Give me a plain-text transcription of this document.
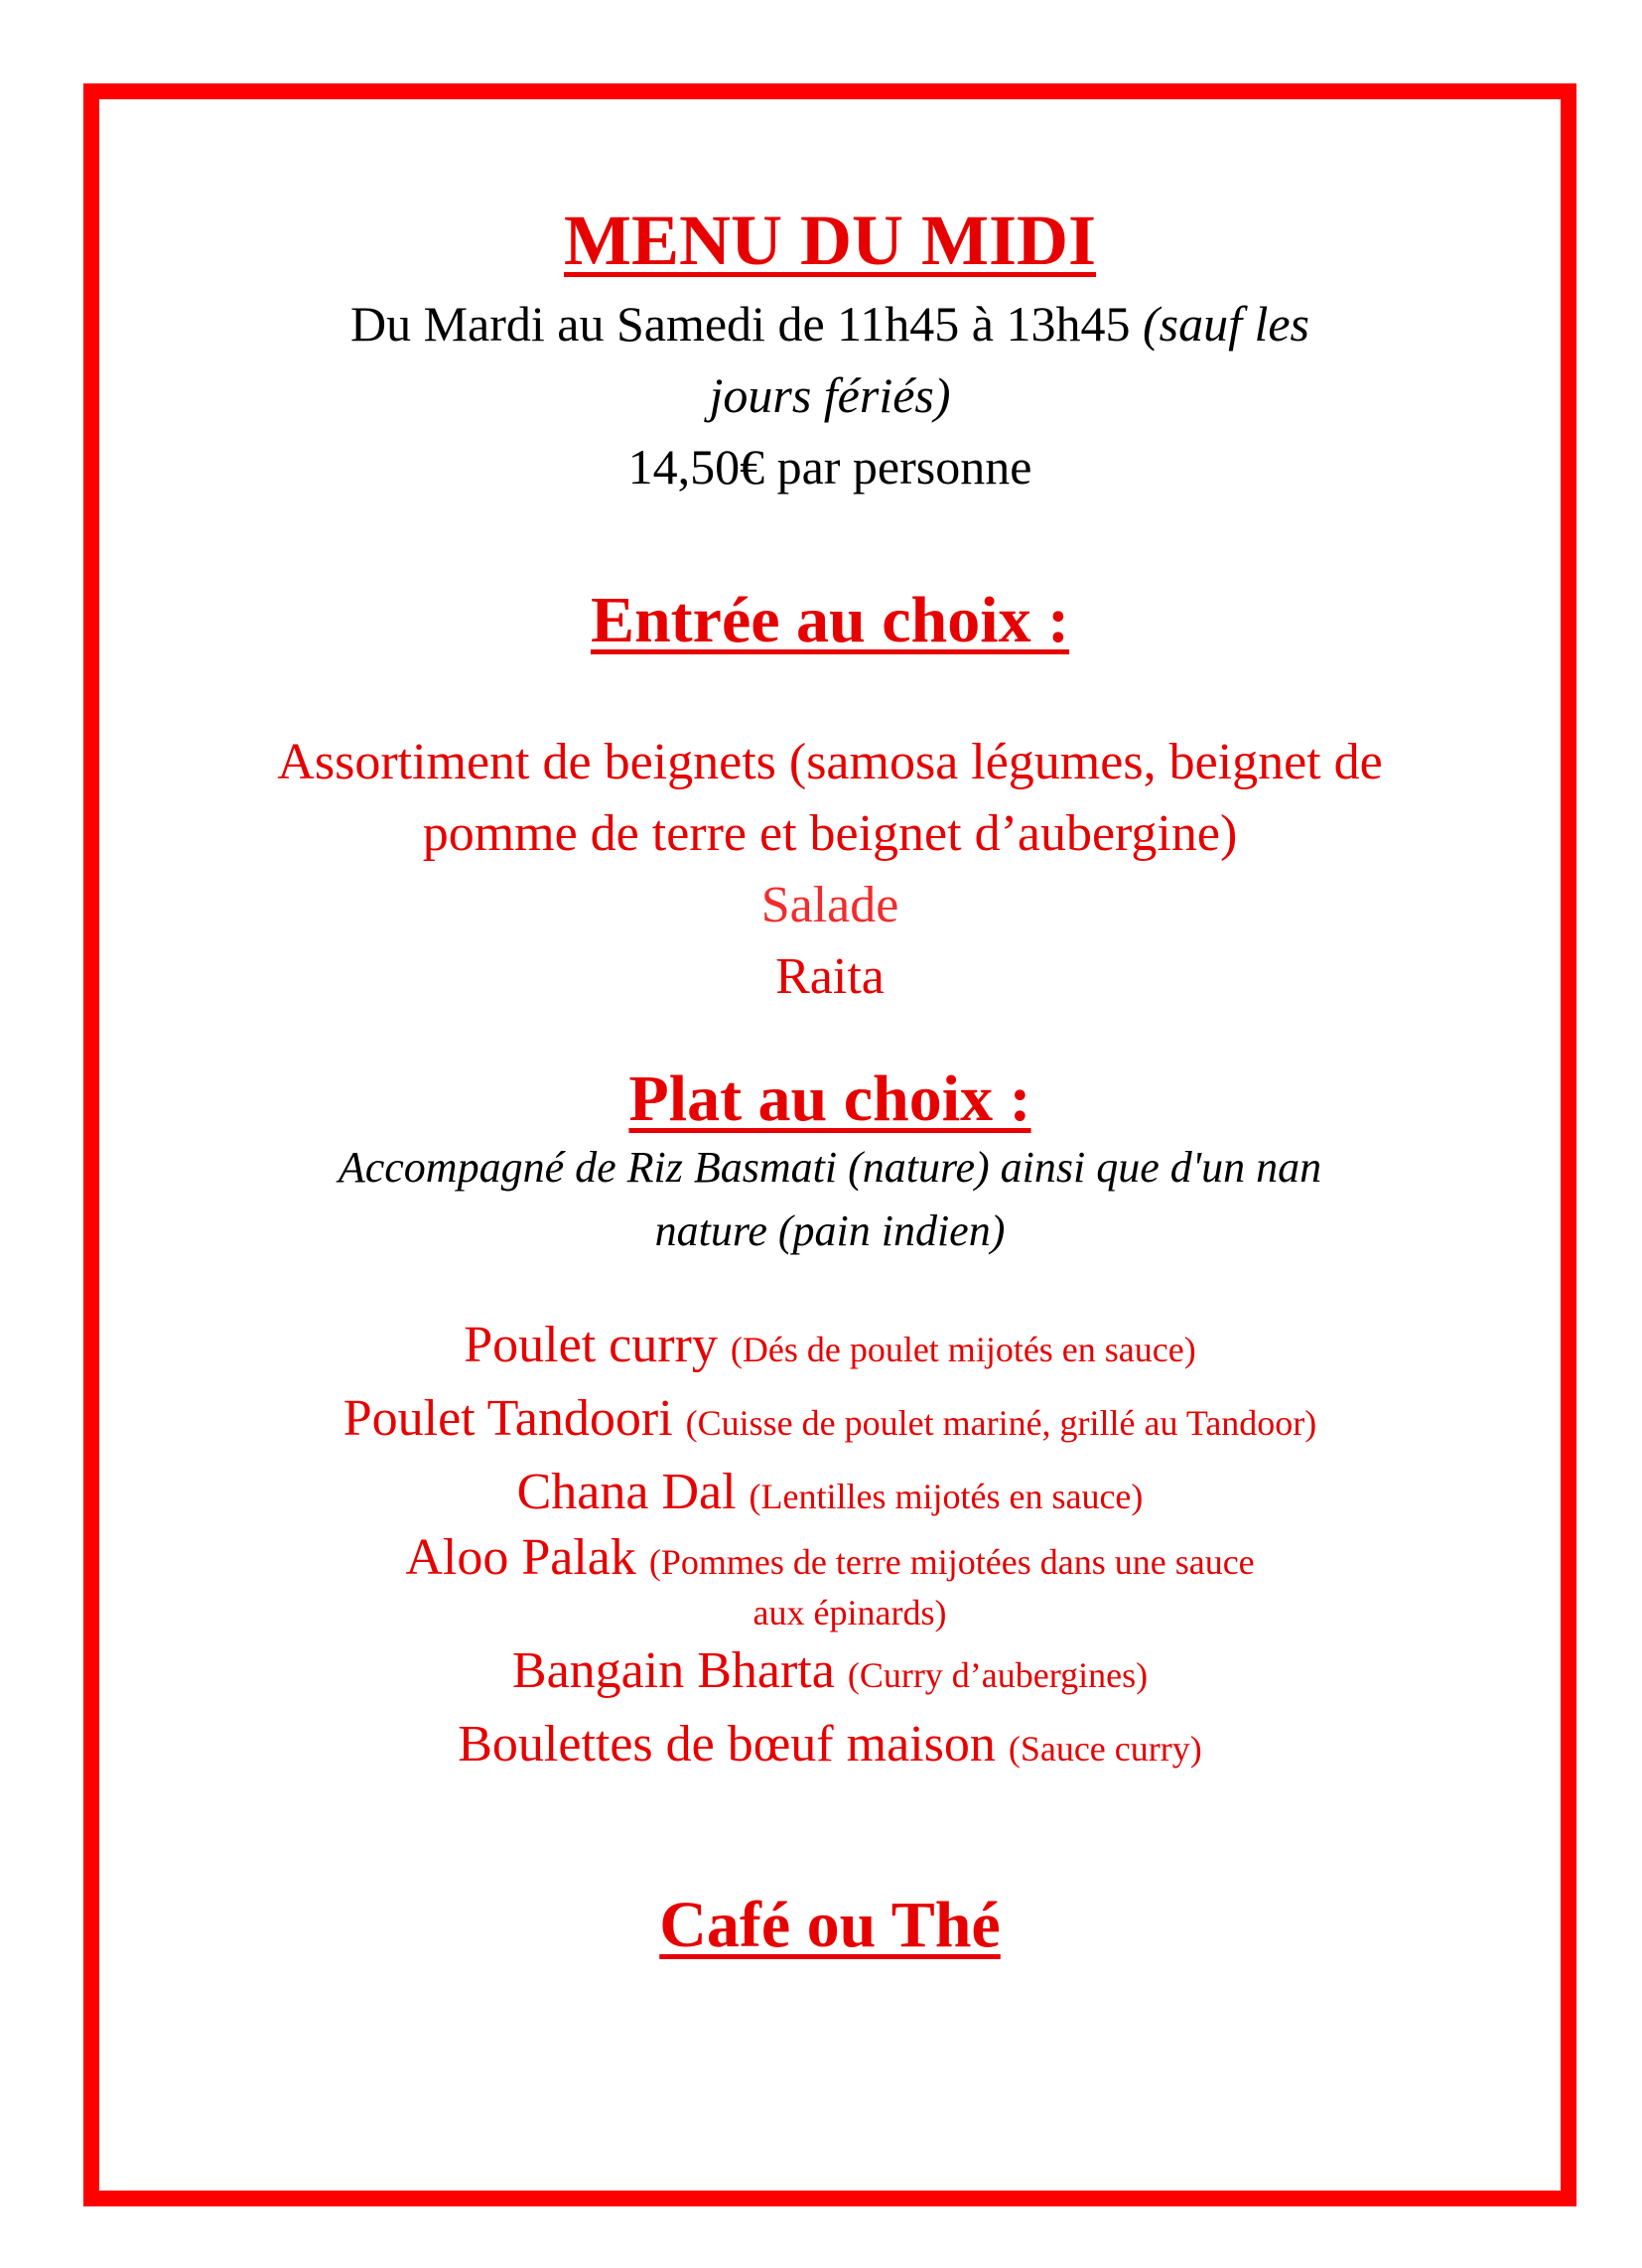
MENU DU MIDI
Du Mardi au Samedi de 11h45 à 13h45 (sauf les
jours fériés)
14,50€ par personne
Entrée au choix :
Assortiment de beignets (samosa légumes, beignet de pomme de terre et beignet d’aubergine)
Salade
Raita
Plat au choix :
Accompagné de Riz Basmati (nature) ainsi que d'un nan
nature (pain indien)
Poulet curry (Dés de poulet mijotés en sauce)
Poulet Tandoori (Cuisse de poulet mariné, grillé au Tandoor)
Chana Dal (Lentilles mijotés en sauce)
Aloo Palak (Pommes de terre mijotées dans une sauce
aux épinards)
Bangain Bharta (Curry d’aubergines)
Boulettes de bœuf maison (Sauce curry)
Café ou Thé
